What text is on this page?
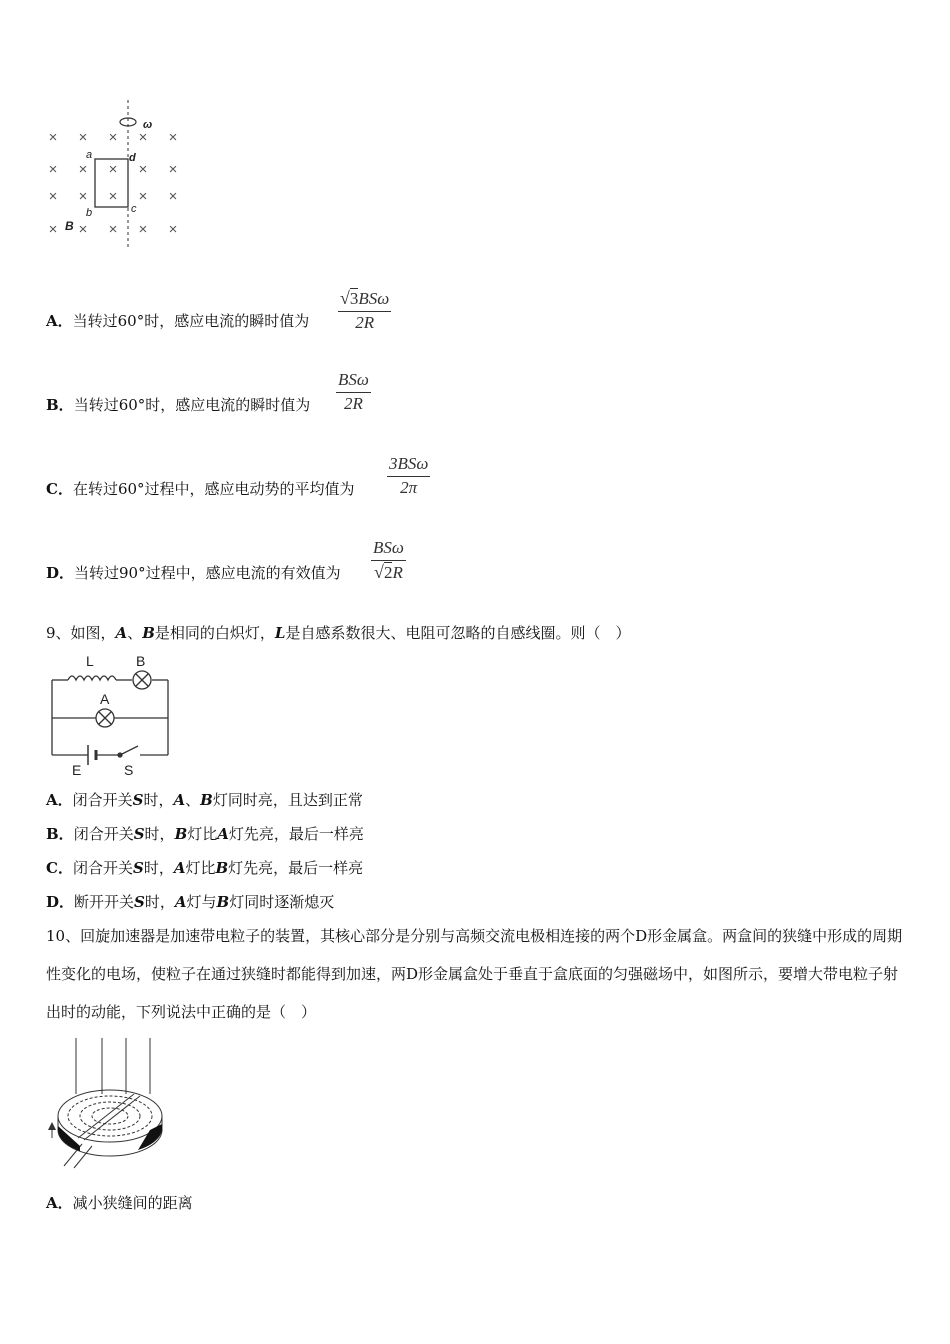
× × × × ×
× × × × ×
× × × × ×
× × × × ×
ω
a	d
b	c
B
A．当转过60°时，感应电流的瞬时值为
√ 3 BSω
2R
B．当转过60°时，感应电流的瞬时值为
BSω
2R
C．在转过60°过程中，感应电动势的平均值为
3BSω
2π
D．当转过90°过程中，感应电流的有效值为
BSω
√ 2 R
9、如图，A、B是相同的白炽灯，L是自感系数很大、电阻可忽略的自感线圈。则（　）
L	B
A
E	S
A．闭合开关S时，A、B灯同时亮，且达到正常
B．闭合开关S时，B灯比A灯先亮，最后一样亮
C．闭合开关S时，A灯比B灯先亮，最后一样亮
D．断开开关S时，A灯与B灯同时逐渐熄灭
10、回旋加速器是加速带电粒子的装置，其核心部分是分别与高频交流电极相连接的两个D形金属盒。两盒间的狭缝中形成的周期性变化的电场，使粒子在通过狭缝时都能得到加速，两D形金属盒处于垂直于盒底面的匀强磁场中，如图所示，要增大带电粒子射出时的动能，下列说法中正确的是（　）
A．减小狭缝间的距离
